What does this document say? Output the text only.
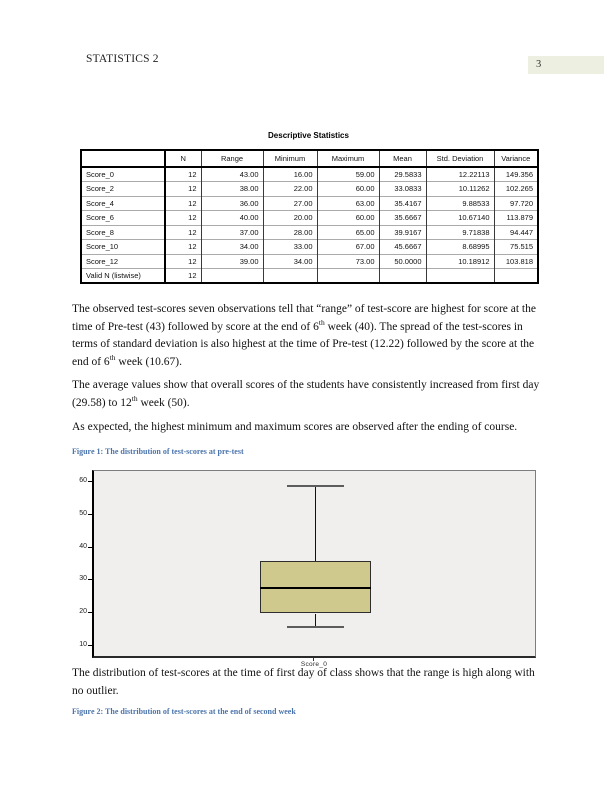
STATISTICS 2	3
Descriptive Statistics
	N	Range	Minimum	Maximum	Mean	Std. Deviation	Variance
Score_0	12	43.00	16.00	59.00	29.5833	12.22113	149.356
Score_2	12	38.00	22.00	60.00	33.0833	10.11262	102.265
Score_4	12	36.00	27.00	63.00	35.4167	9.88533	97.720
Score_6	12	40.00	20.00	60.00	35.6667	10.67140	113.879
Score_8	12	37.00	28.00	65.00	39.9167	9.71838	94.447
Score_10	12	34.00	33.00	67.00	45.6667	8.68995	75.515
Score_12	12	39.00	34.00	73.00	50.0000	10.18912	103.818
Valid N (listwise)	12						

The observed test-scores seven observations tell that “range” of test-score are highest for score at the time of Pre-test (43) followed by score at the end of 6th week (40). The spread of the test-scores in terms of standard deviation is also highest at the time of Pre-test (12.22) followed by the score at the end of 6th week (10.67).

The average values show that overall scores of the students have consistently increased from first day (29.58) to 12th week (50).

As expected, the highest minimum and maximum scores are observed after the ending of course.

Figure 1: The distribution of test-scores at pre-test
Score_0
60
50
40
30
20
10

The distribution of test-scores at the time of first day of class shows that the range is high along with no outlier.

Figure 2: The distribution of test-scores at the end of second week
